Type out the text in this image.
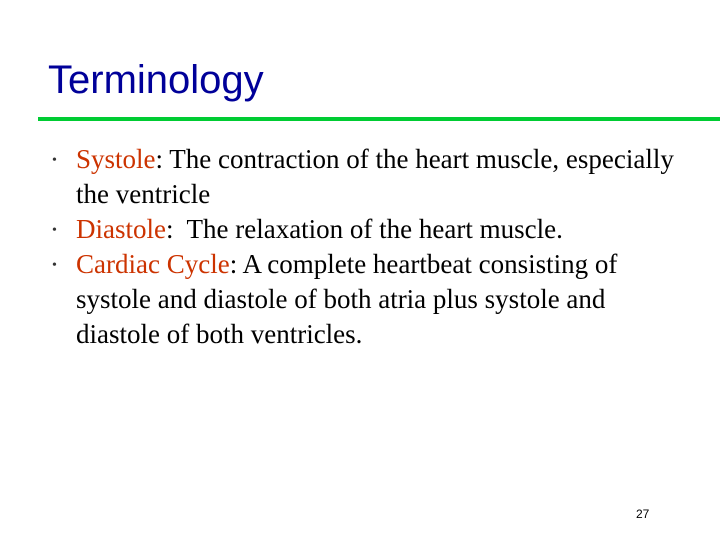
Terminology
• Systole: The contraction of the heart muscle, especially the ventricle
• Diastole:  The relaxation of the heart muscle.
• Cardiac Cycle: A complete heartbeat consisting of systole and diastole of both atria plus systole and diastole of both ventricles.
27
